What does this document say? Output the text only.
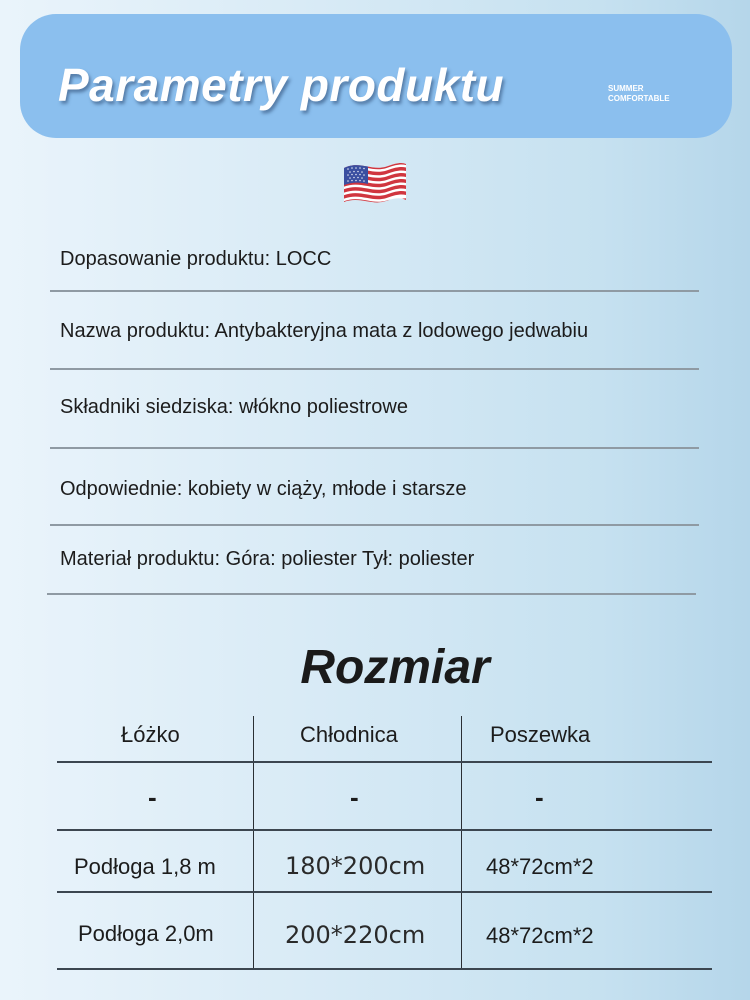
Parametry produktu	SUMMER
COMFORTABLE
Dopasowanie produktu: LOCC
Nazwa produktu: Antybakteryjna mata z lodowego jedwabiu
Składniki siedziska: włókno poliestrowe
Odpowiednie: kobiety w ciąży, młode i starsze
Materiał produktu: Góra: poliester Tył: poliester
Rozmiar
Łóżko	Chłodnica	Poszewka
-	-	-
Podłoga 1,8 m	180*200cm	48*72cm*2
Podłoga 2,0m	200*220cm	48*72cm*2
